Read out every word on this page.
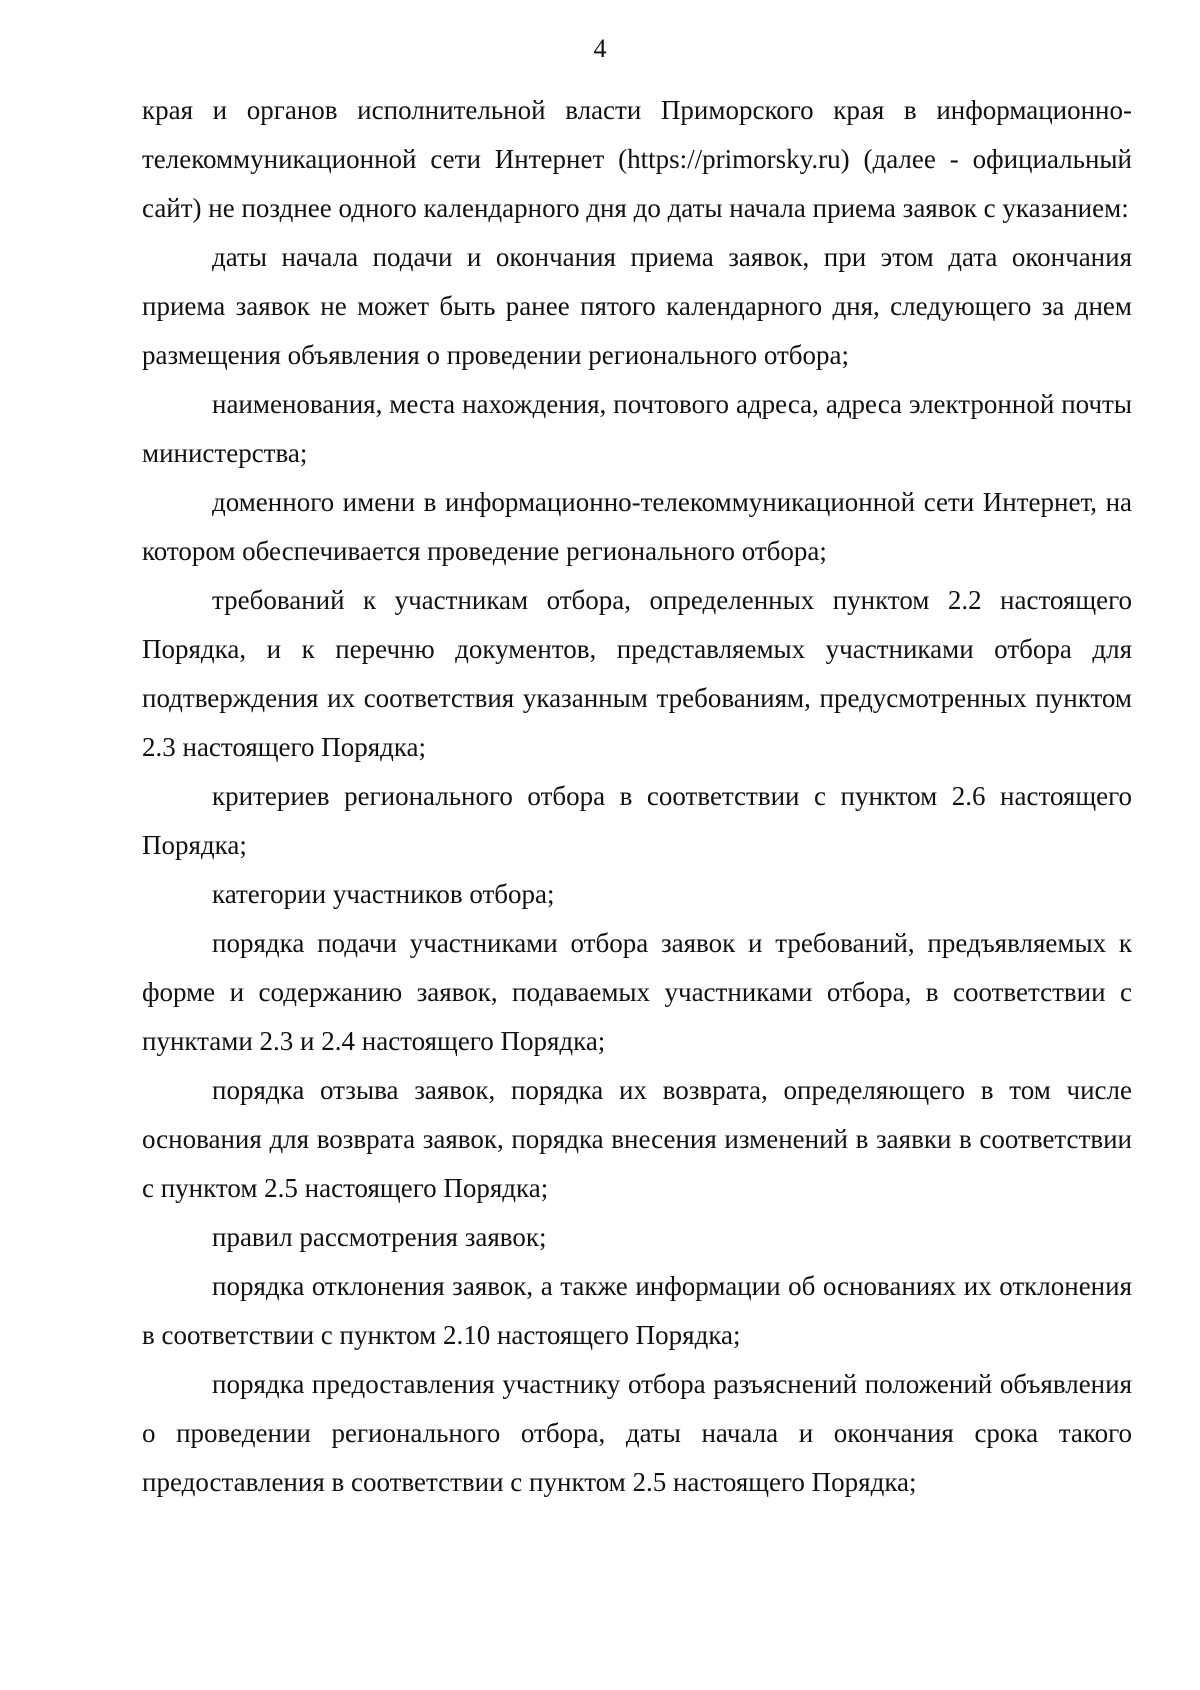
4

края и органов исполнительной власти Приморского края в информационно-телекоммуникационной сети Интернет (https://primorsky.ru) (далее - официальный сайт) не позднее одного календарного дня до даты начала приема заявок с указанием:

даты начала подачи и окончания приема заявок, при этом дата окончания приема заявок не может быть ранее пятого календарного дня, следующего за днем размещения объявления о проведении регионального отбора;

наименования, места нахождения, почтового адреса, адреса электронной почты министерства;

доменного имени в информационно-телекоммуникационной сети Интернет, на котором обеспечивается проведение регионального отбора;

требований к участникам отбора, определенных пунктом 2.2 настоящего Порядка, и к перечню документов, представляемых участниками отбора для подтверждения их соответствия указанным требованиям, предусмотренных пунктом 2.3 настоящего Порядка;

критериев регионального отбора в соответствии с пунктом 2.6 настоящего Порядка;

категории участников отбора;

порядка подачи участниками отбора заявок и требований, предъявляемых к форме и содержанию заявок, подаваемых участниками отбора, в соответствии с пунктами 2.3 и 2.4 настоящего Порядка;

порядка отзыва заявок, порядка их возврата, определяющего в том числе основания для возврата заявок, порядка внесения изменений в заявки в соответствии с пунктом 2.5 настоящего Порядка;

правил рассмотрения заявок;

порядка отклонения заявок, а также информации об основаниях их отклонения в соответствии с пунктом 2.10 настоящего Порядка;

порядка предоставления участнику отбора разъяснений положений объявления о проведении регионального отбора, даты начала и окончания срока такого предоставления в соответствии с пунктом 2.5 настоящего Порядка;
